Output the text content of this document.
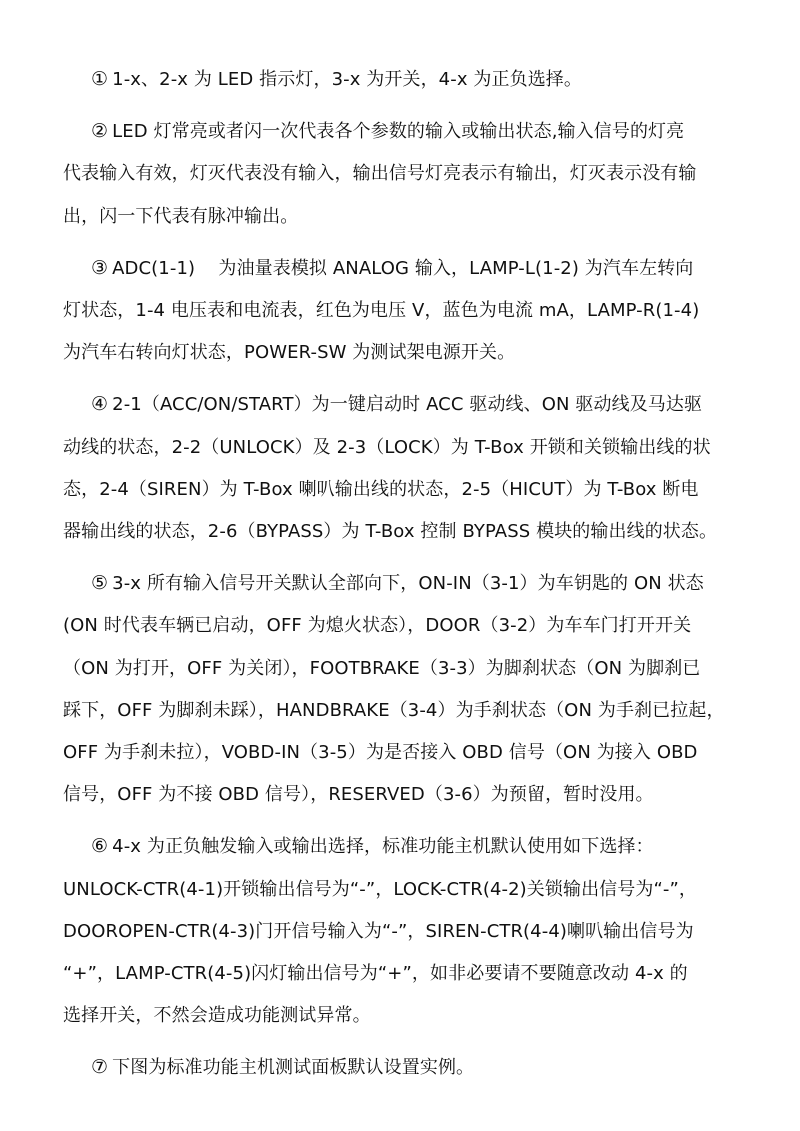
① 1-x、2-x 为 LED 指示灯，3-x 为开关，4-x 为正负选择。

② LED 灯常亮或者闪一次代表各个参数的输入或输出状态,输入信号的灯亮
代表输入有效，灯灭代表没有输入，输出信号灯亮表示有输出，灯灭表示没有输
出，闪一下代表有脉冲输出。

③ ADC(1-1)    为油量表模拟 ANALOG 输入，LAMP-L(1-2) 为汽车左转向
灯状态，1-4 电压表和电流表，红色为电压 V，蓝色为电流 mA，LAMP-R(1-4)
为汽车右转向灯状态，POWER-SW 为测试架电源开关。

④ 2-1（ACC/ON/START）为一键启动时 ACC 驱动线、ON 驱动线及马达驱
动线的状态，2-2（UNLOCK）及 2-3（LOCK）为 T-Box 开锁和关锁输出线的状
态，2-4（SIREN）为 T-Box 喇叭输出线的状态，2-5（HICUT）为 T-Box 断电
器输出线的状态，2-6（BYPASS）为 T-Box 控制 BYPASS 模块的输出线的状态。

⑤ 3-x 所有输入信号开关默认全部向下，ON-IN（3-1）为车钥匙的 ON 状态
(ON 时代表车辆已启动，OFF 为熄火状态），DOOR（3-2）为车车门打开开关
（ON 为打开，OFF 为关闭），FOOTBRAKE（3-3）为脚刹状态（ON 为脚刹已
踩下，OFF 为脚刹未踩），HANDBRAKE（3-4）为手刹状态（ON 为手刹已拉起，
OFF 为手刹未拉），VOBD-IN（3-5）为是否接入 OBD 信号（ON 为接入 OBD
信号，OFF 为不接 OBD 信号），RESERVED（3-6）为预留，暂时没用。

⑥ 4-x 为正负触发输入或输出选择，标准功能主机默认使用如下选择：
UNLOCK-CTR(4-1)开锁输出信号为“-”，LOCK-CTR(4-2)关锁输出信号为“-”，
DOOROPEN-CTR(4-3)门开信号输入为“-”，SIREN-CTR(4-4)喇叭输出信号为
“+”，LAMP-CTR(4-5)闪灯输出信号为“+”，如非必要请不要随意改动 4-x 的
选择开关，不然会造成功能测试异常。

⑦ 下图为标准功能主机测试面板默认设置实例。
